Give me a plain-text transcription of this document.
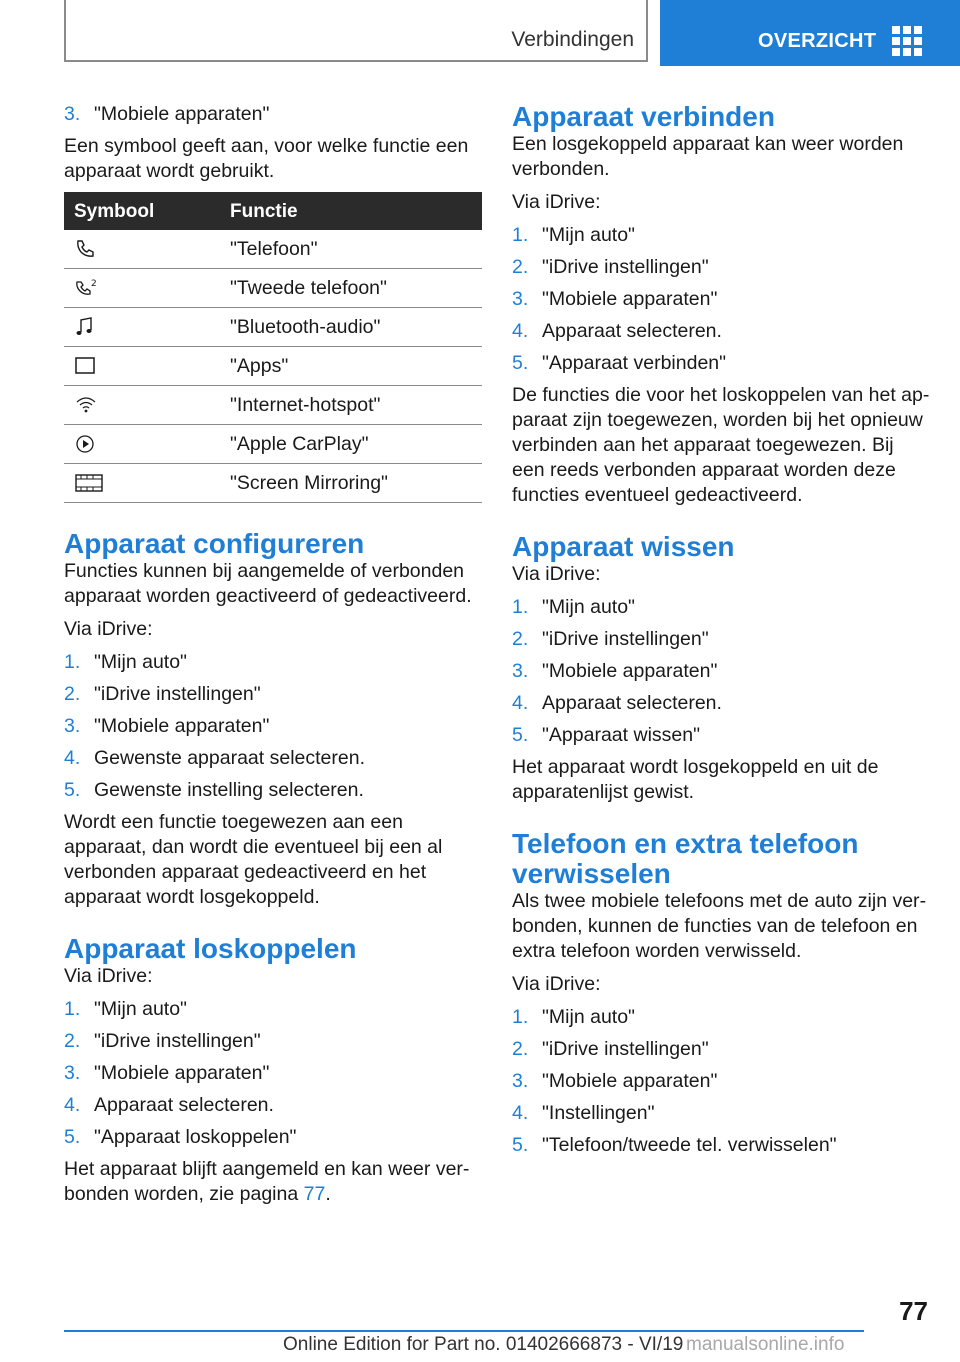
Verbindingen	OVERZICHT
3. "Mobiele apparaten"

Een symbool geeft aan, voor welke functie een apparaat wordt gebruikt.

Symbool	Functie

	"Telefoon"

2	"Tweede telefoon"

	"Bluetooth-audio"

	"Apps"

	"Internet-hotspot"

	"Apple CarPlay"

	"Screen Mirroring"
Apparaat configureren

Functies kunnen bij aangemelde of verbonden apparaat worden geactiveerd of gedeactiveerd.

Via iDrive:

1. "Mijn auto"
2. "iDrive instellingen"
3. "Mobiele apparaten"
4. Gewenste apparaat selecteren.
5. Gewenste instelling selecteren.

Wordt een functie toegewezen aan een apparaat, dan wordt die eventueel bij een al verbonden apparaat gedeactiveerd en het apparaat wordt losgekoppeld.

Apparaat loskoppelen

Via iDrive:

1. "Mijn auto"
2. "iDrive instellingen"
3. "Mobiele apparaten"
4. Apparaat selecteren.
5. "Apparaat loskoppelen"

Het apparaat blijft aangemeld en kan weer verbonden worden, zie pagina 77.

Apparaat verbinden

Een losgekoppeld apparaat kan weer worden verbonden.

Via iDrive:

1. "Mijn auto"
2. "iDrive instellingen"
3. "Mobiele apparaten"
4. Apparaat selecteren.
5. "Apparaat verbinden"

De functies die voor het loskoppelen van het apparaat zijn toegewezen, worden bij het opnieuw verbinden aan het apparaat toegewezen. Bij een reeds verbonden apparaat worden deze functies eventueel gedeactiveerd.

Apparaat wissen

Via iDrive:

1. "Mijn auto"
2. "iDrive instellingen"
3. "Mobiele apparaten"
4. Apparaat selecteren.
5. "Apparaat wissen"

Het apparaat wordt losgekoppeld en uit de apparatenlijst gewist.

Telefoon en extra telefoon verwisselen

Als twee mobiele telefoons met de auto zijn verbonden, kunnen de functies van de telefoon en extra telefoon worden verwisseld.

Via iDrive:

1. "Mijn auto"
2. "iDrive instellingen"
3. "Mobiele apparaten"
4. "Instellingen"
5. "Telefoon/tweede tel. verwisselen"
77
Online Edition for Part no. 01402666873 - VI/19 manualsonline.info
